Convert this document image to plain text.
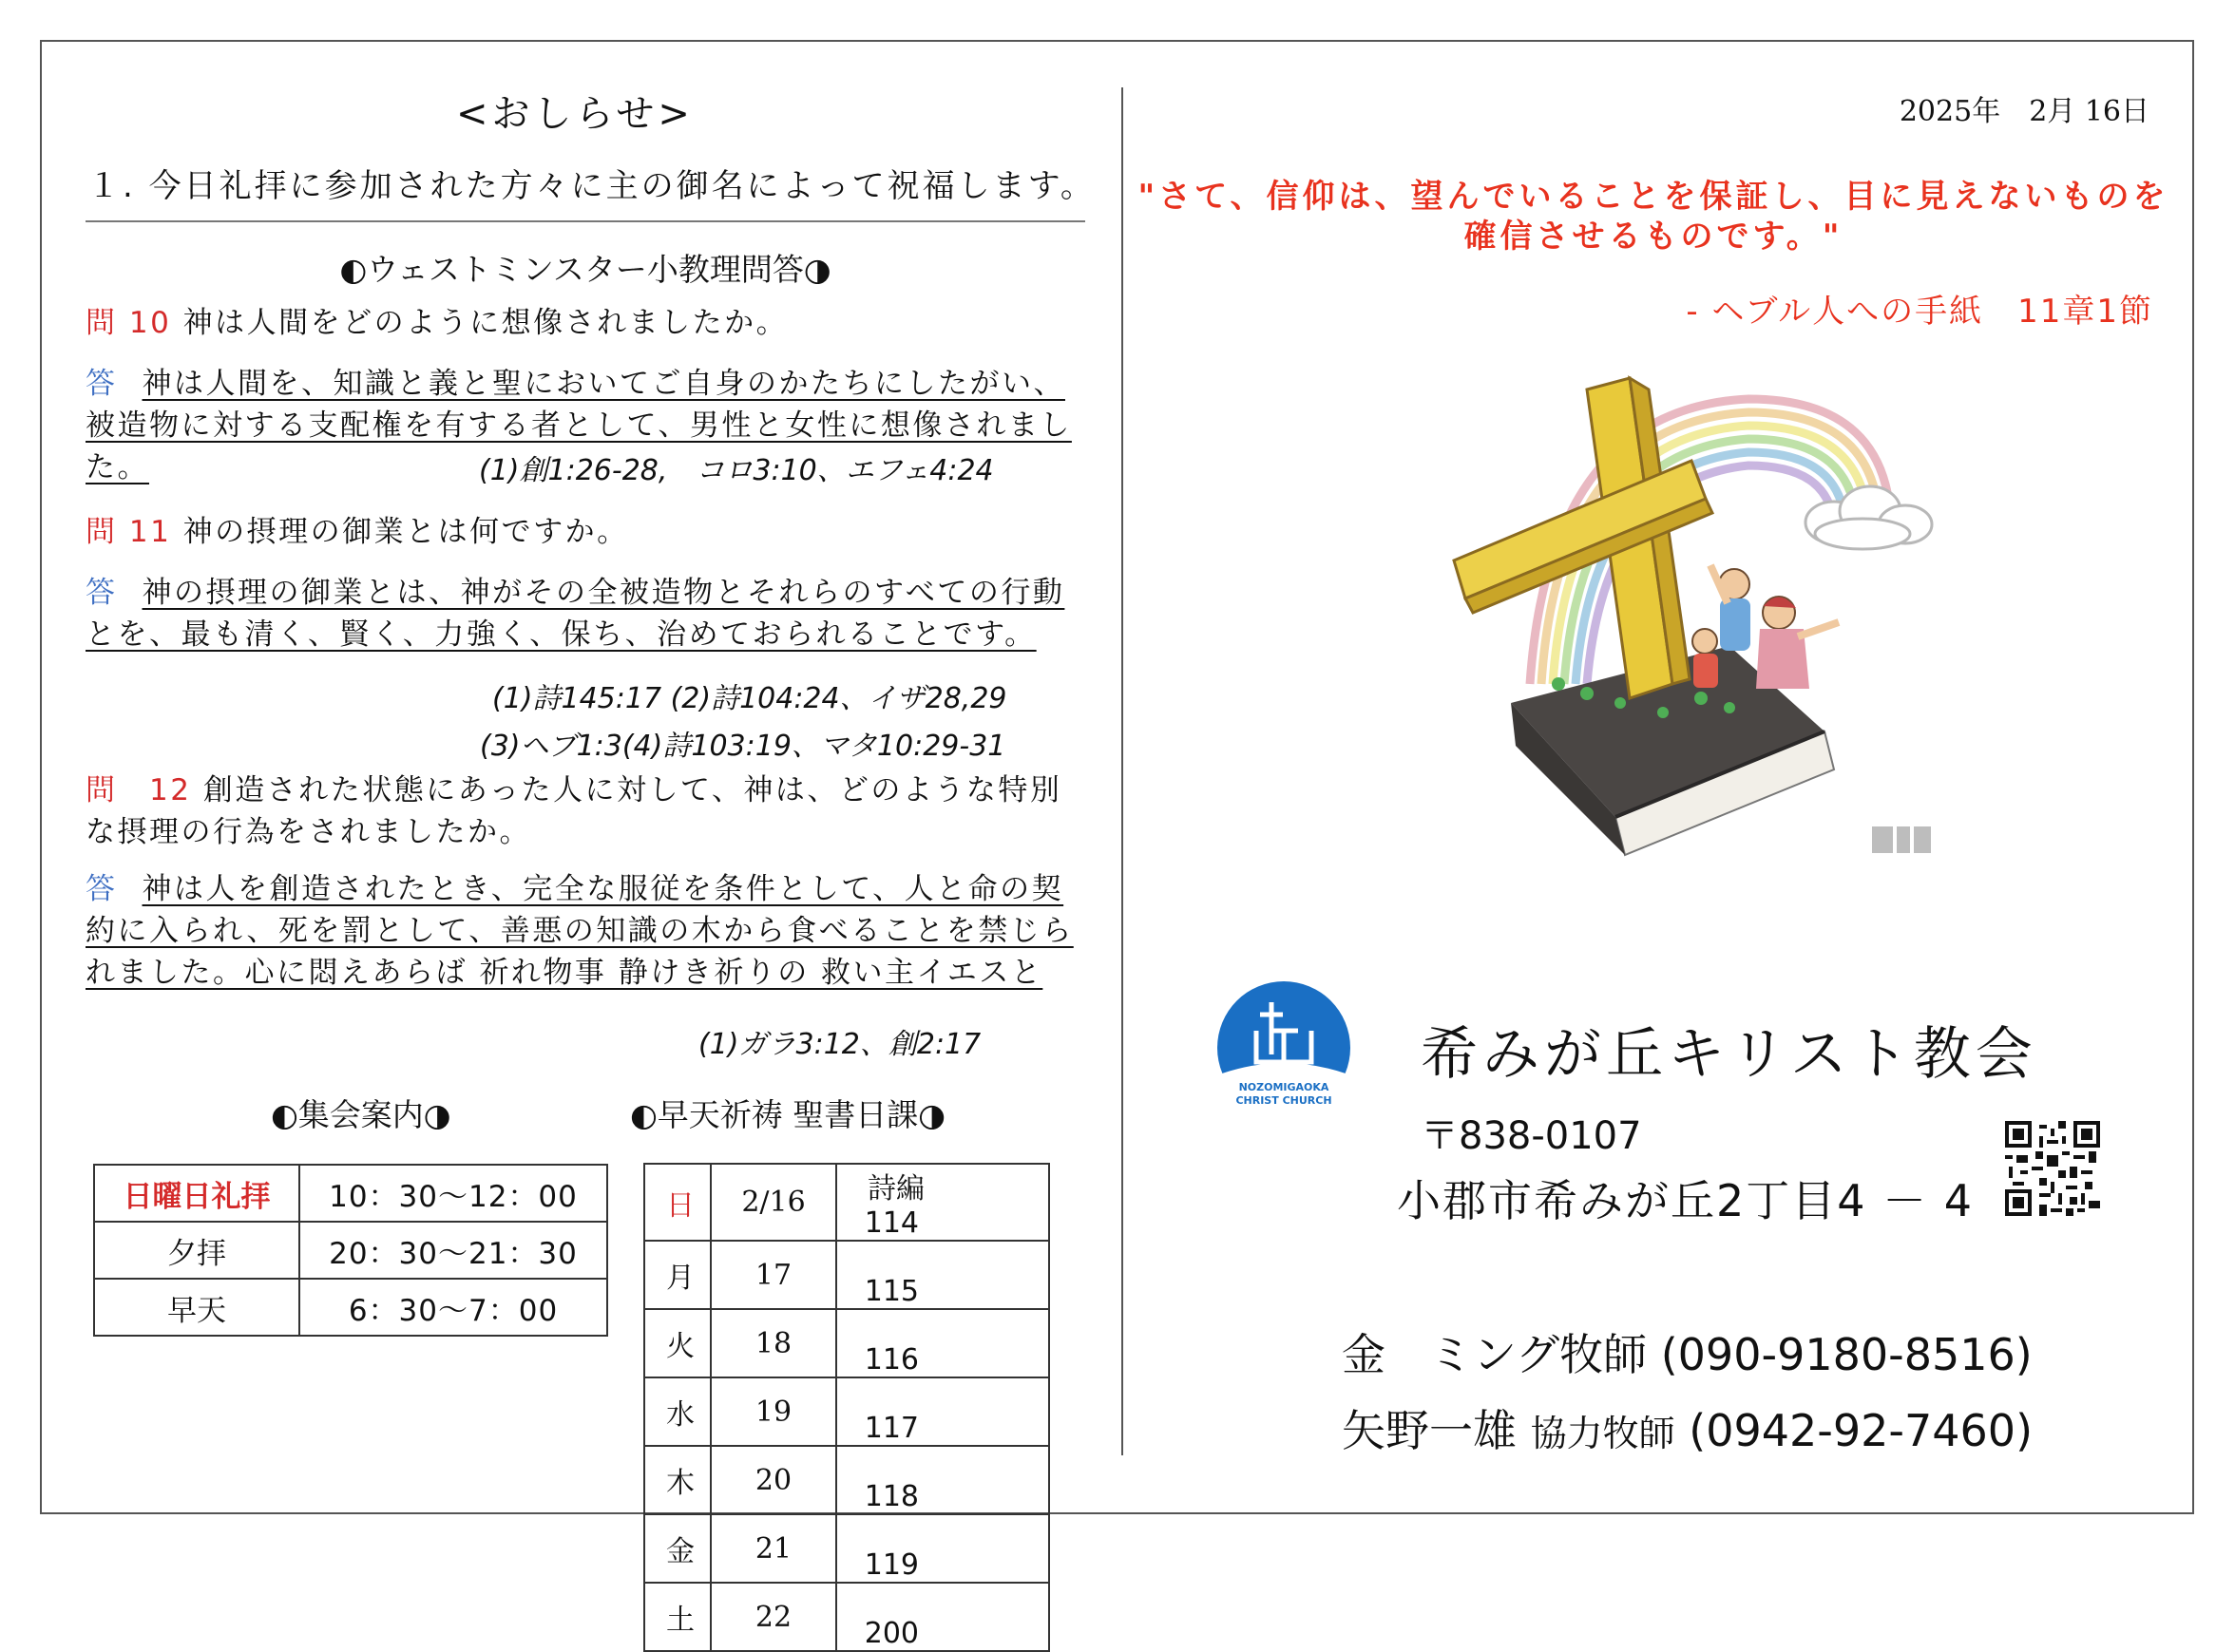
<おしらせ>
１. 今日礼拝に参加された方々に主の御名によって祝福します。
◐ウェストミンスター小教理問答◑
問 10 神は人間をどのように想像されましたか。
答 神は人間を、知識と義と聖においてご自身のかたちにしたがい、被造物に対する支配権を有する者として、男性と女性に想像されました。	(1)創1:26-28,　コロ3:10、エフェ4:24
問 11 神の摂理の御業とは何ですか。
答 神の摂理の御業とは、神がその全被造物とそれらのすべての行動とを、最も清く、賢く、力強く、保ち、治めておられることです。
(1)詩145:17 (2)詩104:24、イザ28,29
(3)ヘブ1:3(4)詩103:19、マタ10:29-31
問　12 創造された状態にあった人に対して、神は、どのような特別な摂理の行為をされましたか。
答 神は人を創造されたとき、完全な服従を条件として、人と命の契約に入られ、死を罰として、善悪の知識の木から食べることを禁じられました。心に悶えあらば 祈れ物事 静けき祈りの 救い主イエスと
(1)ガラ3:12、創2:17
◐集会案内◑
日曜日礼拝	10：30〜12：00
夕拝	20：30〜21：30
早天	6：30〜7：00
◐早天祈祷 聖書日課◑
日	2/16	詩編114
月	17	115
火	18	116
水	19	117
木	20	118
金	21	119
土	22	200
2025年　2月 16日
"さて、信仰は、望んでいることを保証し、目に見えないものを
確信させるものです。"
- ヘブル人への手紙　11章1節
NOZOMIGAOKA
CHRIST CHURCH
希みが丘キリスト教会
〒838-0107
小郡市希みが丘2丁目4 － 4
金　ミング牧師 (090-9180-8516)
矢野一雄 協力牧師 (0942-92-7460)
